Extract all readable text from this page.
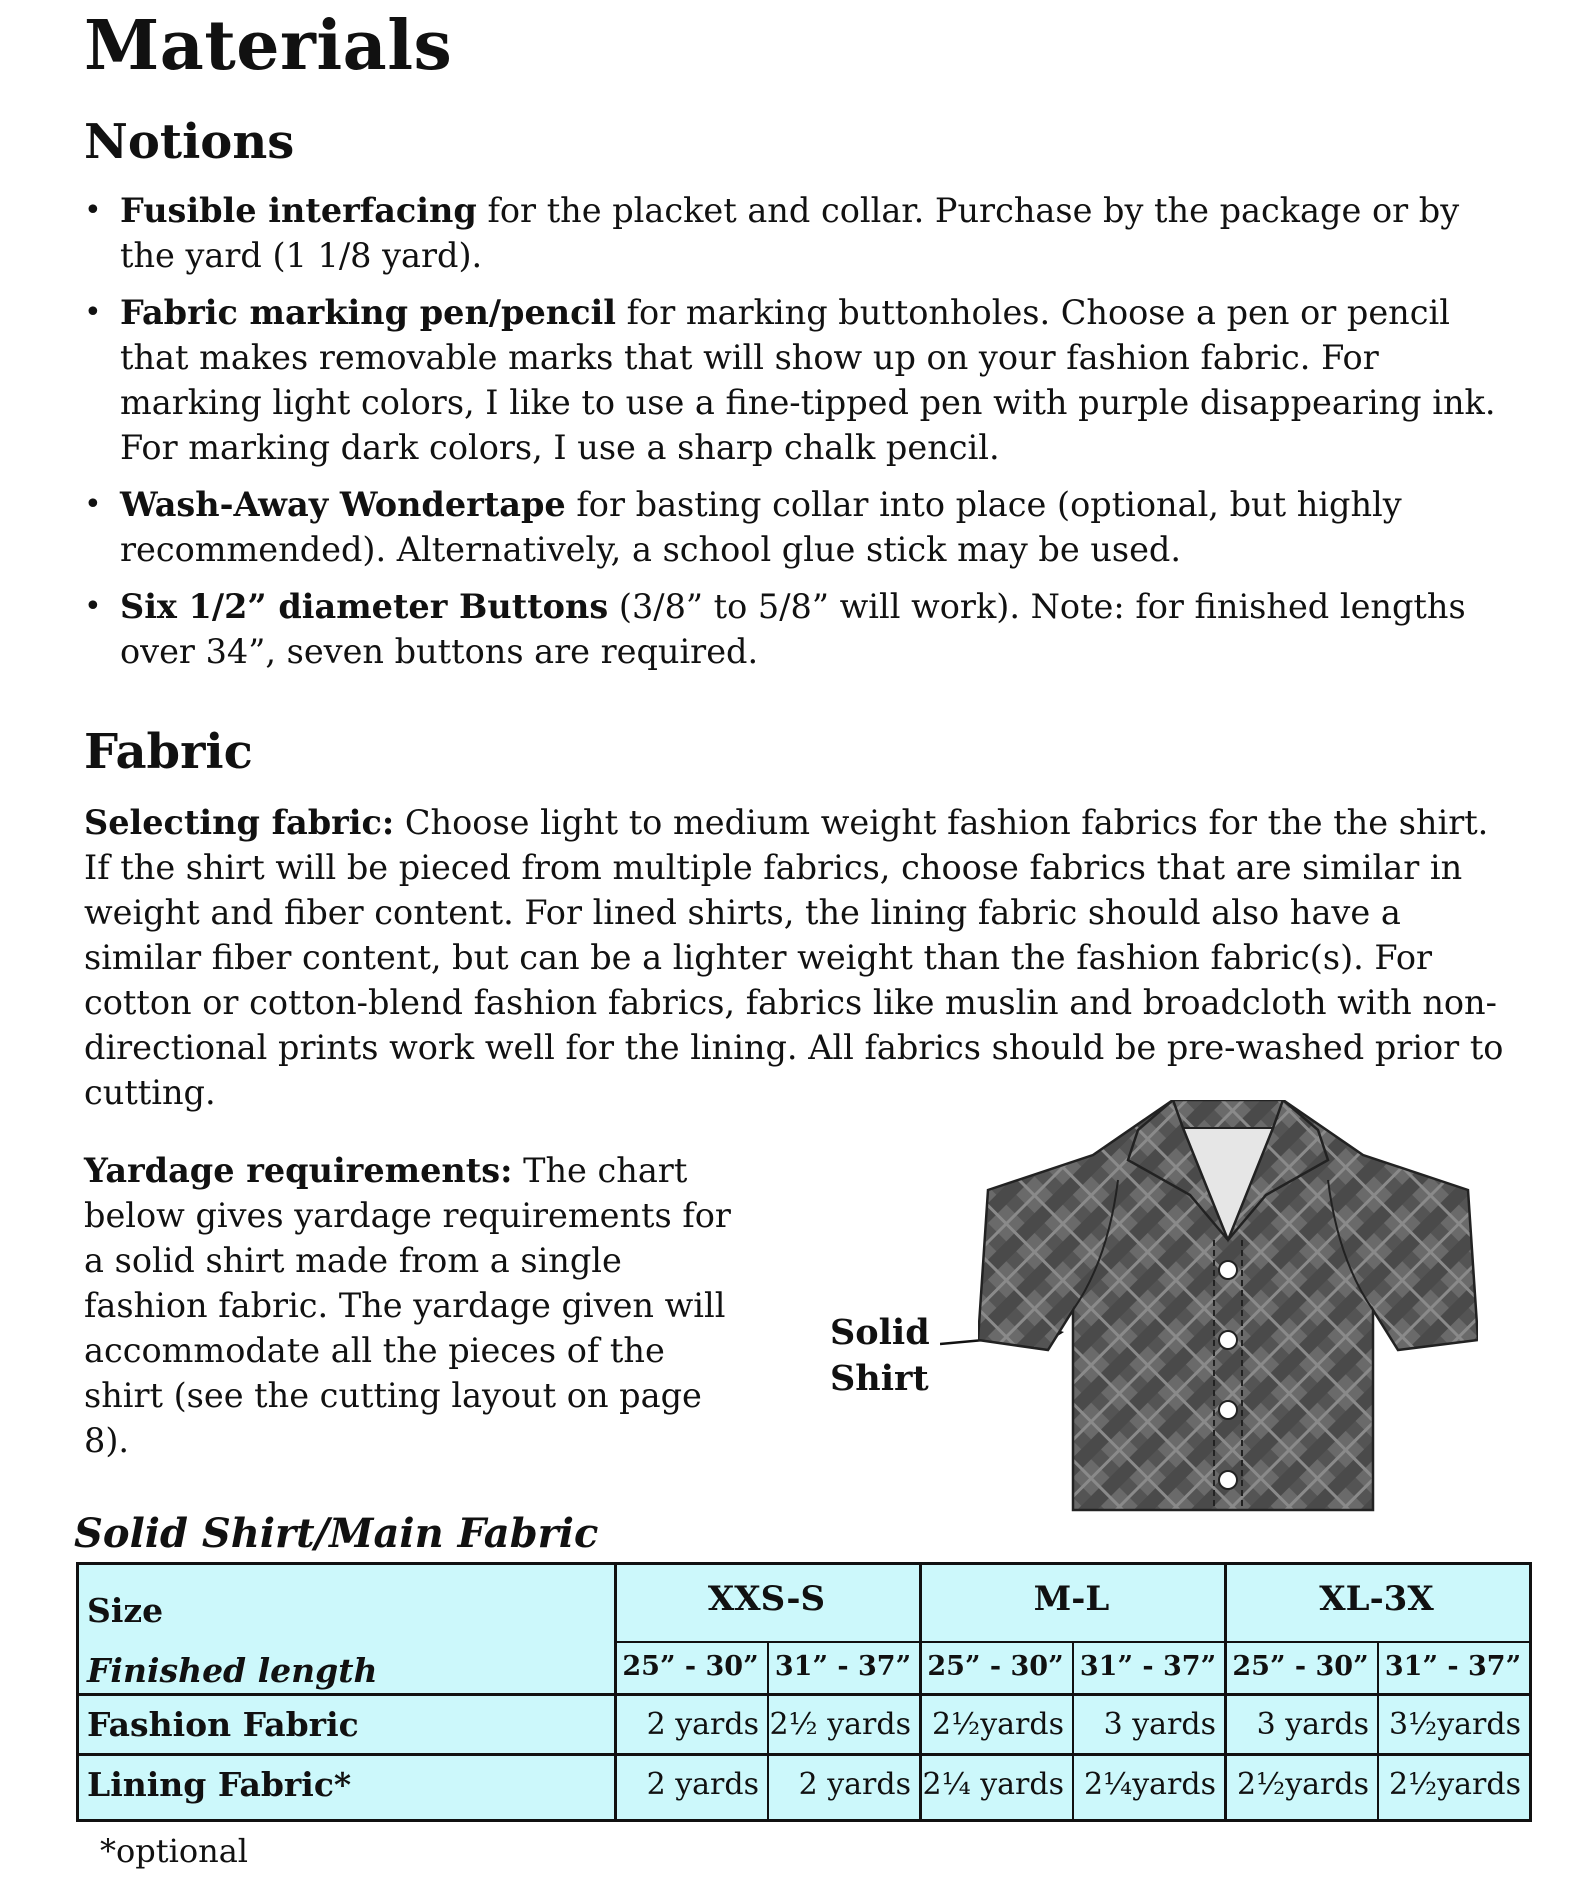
Materials
Notions
• Fusible interfacing for the placket and collar. Purchase by the package or by the yard (1 1/8 yard).
• Fabric marking pen/pencil for marking buttonholes. Choose a pen or pencil that makes removable marks that will show up on your fashion fabric. For marking light colors, I like to use a fine-tipped pen with purple disappearing ink. For marking dark colors, I use a sharp chalk pencil.
• Wash-Away Wondertape for basting collar into place (optional, but highly recommended). Alternatively, a school glue stick may be used.
• Six 1/2” diameter Buttons (3/8” to 5/8” will work). Note: for finished lengths over 34”, seven buttons are required.
Fabric

Selecting fabric: Choose light to medium weight fashion fabrics for the the shirt. If the shirt will be pieced from multiple fabrics, choose fabrics that are similar in weight and fiber content. For lined shirts, the lining fabric should also have a similar fiber content, but can be a lighter weight than the fashion fabric(s). For cotton or cotton-blend fashion fabrics, fabrics like muslin and broadcloth with non-directional prints work well for the lining. All fabrics should be pre-washed prior to cutting.

Yardage requirements: The chart below gives yardage requirements for a solid shirt made from a single fashion fabric. The yardage given will accommodate all the pieces of the shirt (see the cutting layout on page 8).

Solid
Shirt
Solid Shirt/Main Fabric
Size
Finished length
XXS-S	M-L	XL-3X
25” - 30” 31” - 37” 25” - 30” 31” - 37” 25” - 30” 31” - 37”
Fashion Fabric	2 yards 2½ yards 2½yards	3 yards	3 yards 3½yards
Lining Fabric*	2 yards	2 yards 2¼ yards 2¼yards 2½yards 2½yards
*optional
